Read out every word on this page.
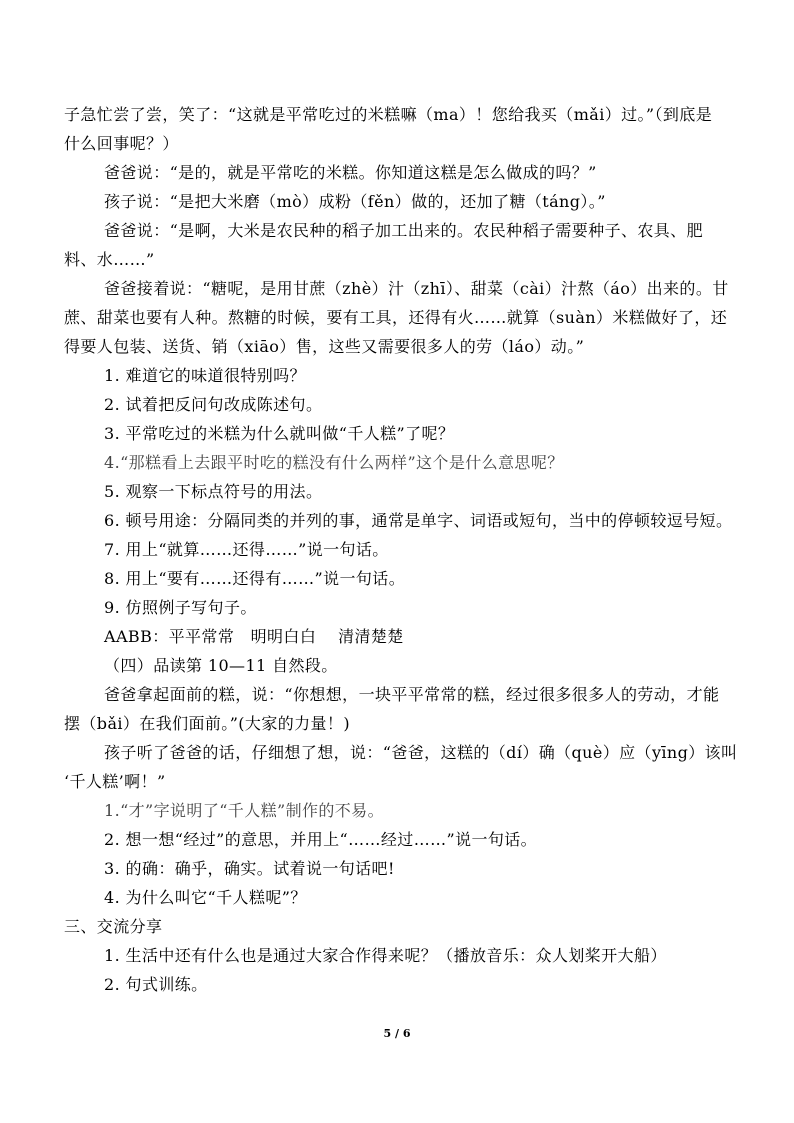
子急忙尝了尝，笑了：“这就是平常吃过的米糕嘛（ma）！您给我买（mǎi）过。”（到底是
什么回事呢？）
爸爸说：“是的，就是平常吃的米糕。你知道这糕是怎么做成的吗？”
孩子说：“是把大米磨（mò）成粉（fěn）做的，还加了糖（táng）。”
爸爸说：“是啊，大米是农民种的稻子加工出来的。农民种稻子需要种子、农具、肥
料、水……”
爸爸接着说：“糖呢，是用甘蔗（zhè）汁（zhī）、甜菜（cài）汁熬（áo）出来的。甘
蔗、甜菜也要有人种。熬糖的时候，要有工具，还得有火……就算（suàn）米糕做好了，还
得要人包装、送货、销（xiāo）售，这些又需要很多人的劳（láo）动。”
1. 难道它的味道很特别吗？
2. 试着把反问句改成陈述句。
3. 平常吃过的米糕为什么就叫做“千人糕”了呢？
4.“那糕看上去跟平时吃的糕没有什么两样”这个是什么意思呢？
5. 观察一下标点符号的用法。
6. 顿号用途：分隔同类的并列的事，通常是单字、词语或短句，当中的停顿较逗号短。
7. 用上“就算……还得……”说一句话。
8. 用上“要有……还得有……”说一句话。
9. 仿照例子写句子。
AABB：平平常常　明明白白　 清清楚楚
（四）品读第 10—11 自然段。
爸爸拿起面前的糕，说：“你想想，一块平平常常的糕，经过很多很多人的劳动，才能
摆（bǎi）在我们面前。”(大家的力量！)
孩子听了爸爸的话，仔细想了想，说：“爸爸，这糕的（dí）确（què）应（yīng）该叫
‘千人糕’啊！”
1.“才”字说明了“千人糕”制作的不易。
2. 想一想“经过”的意思，并用上“……经过……”说一句话。
3. 的确：确乎，确实。试着说一句话吧!
4. 为什么叫它“千人糕呢”？
三、交流分享
1. 生活中还有什么也是通过大家合作得来呢？（播放音乐：众人划桨开大船）
2. 句式训练。
5 / 6
